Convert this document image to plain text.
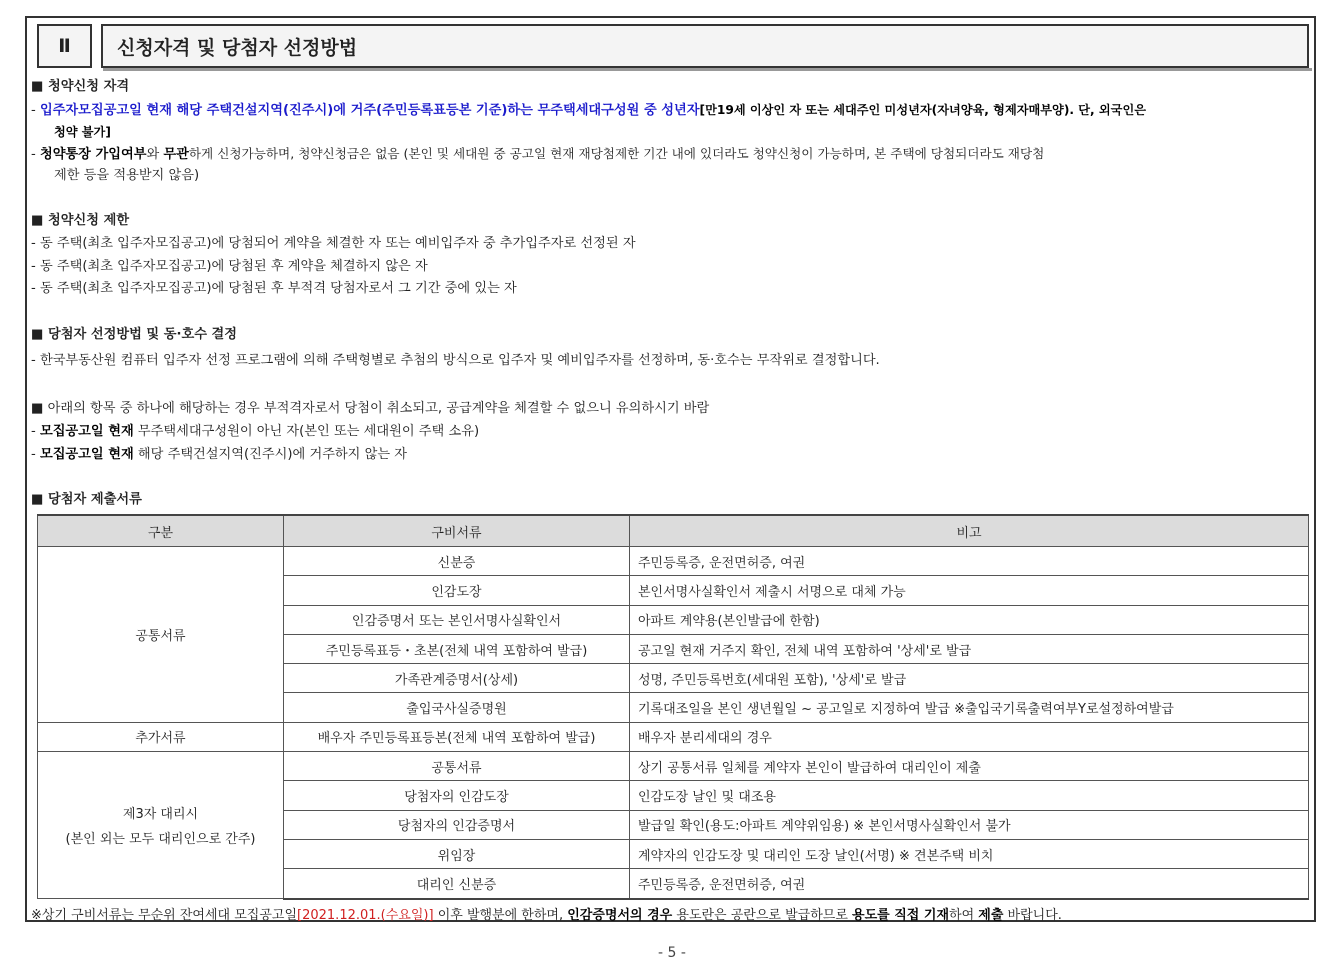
Ⅱ	신청자격 및 당첨자 선정방법
■ 청약신청 자격
- 입주자모집공고일 현재 해당 주택건설지역(진주시)에 거주(주민등록표등본 기준)하는 무주택세대구성원 중 성년자[만19세 이상인 자 또는 세대주인 미성년자(자녀양육, 형제자매부양). 단, 외국인은
청약 불가]
- 청약통장 가입여부와 무관하게 신청가능하며, 청약신청금은 없음 (본인 및 세대원 중 공고일 현재 재당첨제한 기간 내에 있더라도 청약신청이 가능하며, 본 주택에 당첨되더라도 재당첨
제한 등을 적용받지 않음)
■ 청약신청 제한
- 동 주택(최초 입주자모집공고)에 당첨되어 계약을 체결한 자 또는 예비입주자 중 추가입주자로 선정된 자
- 동 주택(최초 입주자모집공고)에 당첨된 후 계약을 체결하지 않은 자
- 동 주택(최초 입주자모집공고)에 당첨된 후 부적격 당첨자로서 그 기간 중에 있는 자
■ 당첨자 선정방법 및 동·호수 결정
- 한국부동산원 컴퓨터 입주자 선정 프로그램에 의해 주택형별로 추첨의 방식으로 입주자 및 예비입주자를 선정하며, 동·호수는 무작위로 결정합니다.
■ 아래의 항목 중 하나에 해당하는 경우 부적격자로서 당첨이 취소되고, 공급계약을 체결할 수 없으니 유의하시기 바람
- 모집공고일 현재 무주택세대구성원이 아닌 자(본인 또는 세대원이 주택 소유)
- 모집공고일 현재 해당 주택건설지역(진주시)에 거주하지 않는 자
■ 당첨자 제출서류
구분	구비서류	비고
공통서류	신분증	주민등록증, 운전면허증, 여권
	인감도장	본인서명사실확인서 제출시 서명으로 대체 가능
	인감증명서 또는 본인서명사실확인서	아파트 계약용(본인발급에 한함)
	주민등록표등・초본(전체 내역 포함하여 발급)	공고일 현재 거주지 확인, 전체 내역 포함하여 '상세'로 발급
	가족관계증명서(상세)	성명, 주민등록번호(세대원 포함), '상세'로 발급
	출입국사실증명원	기록대조일을 본인 생년월일 ~ 공고일로 지정하여 발급 ※출입국기록출력여부Y로설정하여발급
추가서류	배우자 주민등록표등본(전체 내역 포함하여 발급)	배우자 분리세대의 경우

제3자 대리시
(본인 외는 모두 대리인으로 간주)	공통서류	상기 공통서류 일체를 계약자 본인이 발급하여 대리인이 제출
	당첨자의 인감도장	인감도장 날인 및 대조용
	당첨자의 인감증명서	발급일 확인(용도:아파트 계약위임용) ※ 본인서명사실확인서 불가
	위임장	계약자의 인감도장 및 대리인 도장 날인(서명) ※ 견본주택 비치
	대리인 신분증	주민등록증, 운전면허증, 여권
※상기 구비서류는 무순위 잔여세대 모집공고일[2021.12.01.(수요일)] 이후 발행분에 한하며, 인감증명서의 경우 용도란은 공란으로 발급하므로 용도를 직접 기재하여 제출 바랍니다.
- 5 -
